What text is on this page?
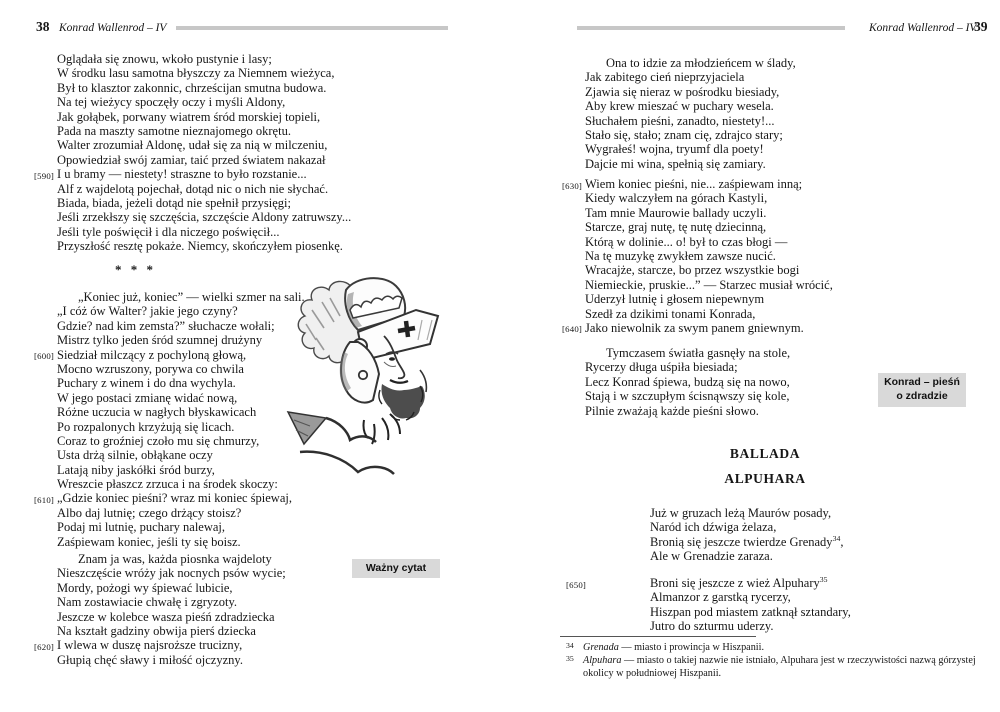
38 Konrad Wallenrod – IV	Konrad Wallenrod – IV
39
Oglądała się znowu, wkoło pustynie i lasy;
W środku lasu samotna błyszczy za Niemnem wieżyca,
Był to klasztor zakonnic, chrześcijan smutna budowa.
Na tej wieżycy spoczęły oczy i myśli Aldony,
Jak gołąbek, porwany wiatrem śród morskiej topieli,
Pada na maszty samotne nieznajomego okrętu.
Walter zrozumiał Aldonę, udał się za nią w milczeniu,
Opowiedział swój zamiar, taić przed światem nakazał
[590] I u bramy — niestety! straszne to było rozstanie...
Alf z wajdelotą pojechał, dotąd nic o nich nie słychać.
Biada, biada, jeżeli dotąd nie spełnił przysięgi;
Jeśli zrzekłszy się szczęścia, szczęście Aldony zatruwszy...
Jeśli tyle poświęcił i dla niczego poświęcił...
Przyszłość resztę pokaże. Niemcy, skończyłem piosenkę.
* * *
„Koniec już, koniec” — wielki szmer na sali.
„I cóż ów Walter? jakie jego czyny?
Gdzie? nad kim zemsta?” słuchacze wołali;
Mistrz tylko jeden śród szumnej drużyny
[600] Siedział milczący z pochyloną głową,
Mocno wzruszony, porywa co chwila
Puchary z winem i do dna wychyla.
W jego postaci zmianę widać nową,
Różne uczucia w nagłych błyskawicach
Po rozpalonych krzyżują się licach.
Coraz to groźniej czoło mu się chmurzy,
Usta drżą silnie, obłąkane oczy
Latają niby jaskółki śród burzy,
Wreszcie płaszcz zrzuca i na środek skoczy:
[610] „Gdzie koniec pieśni? wraz mi koniec śpiewaj,
Albo daj lutnię; czego drżący stoisz?
Podaj mi lutnię, puchary nalewaj,
Zaśpiewam koniec, jeśli ty się boisz.
Znam ja was, każda piosnka wajdeloty
Nieszczęście wróży jak nocnych psów wycie;
Mordy, pożogi wy śpiewać lubicie,
Nam zostawiacie chwałę i zgryzoty.
Jeszcze w kolebce wasza pieśń zdradziecka
Na kształt gadziny obwija pierś dziecka
[620] I wlewa w duszę najsroższe trucizny,
Głupią chęć sławy i miłość ojczyzny.
Ważny cytat
Ona to idzie za młodzieńcem w ślady,
Jak zabitego cień nieprzyjaciela
Zjawia się nieraz w pośrodku biesiady,
Aby krew mieszać w puchary wesela.
Słuchałem pieśni, zanadto, niestety!...
Stało się, stało; znam cię, zdrajco stary;
Wygrałeś! wojna, tryumf dla poety!
Dajcie mi wina, spełnią się zamiary.
[630] Wiem koniec pieśni, nie... zaśpiewam inną;
Kiedy walczyłem na górach Kastyli,
Tam mnie Maurowie ballady uczyli.
Starcze, graj nutę, tę nutę dziecinną,
Którą w dolinie... o! był to czas błogi —
Na tę muzykę zwykłem zawsze nucić.
Wracajże, starcze, bo przez wszystkie bogi
Niemieckie, pruskie...” — Starzec musiał wrócić,
Uderzył lutnię i głosem niepewnym
Szedł za dzikimi tonami Konrada,
[640] Jako niewolnik za swym panem gniewnym.
Tymczasem światła gasnęły na stole,
Rycerzy długa uśpiła biesiada;
Lecz Konrad śpiewa, budzą się na nowo,
Stają i w szczupłym ścisnąwszy się kole,
Pilnie zważają każde pieśni słowo.
BALLADA
ALPUHARA
Już w gruzach leżą Maurów posady,
Naród ich dźwiga żelaza,
Bronią się jeszcze twierdze Grenady$^{34}$,
Ale w Grenadzie zaraza.
[650]	Broni się jeszcze z wież Alpuhary$^{35}$
Almanzor z garstką rycerzy,
Hiszpan pod miastem zatknął sztandary,
Jutro do szturmu uderzy.
Konrad – pieśń
o zdradzie
34 Grenada — miasto i prowincja w Hiszpanii.
35 Alpuhara — miasto o takiej nazwie nie istniało, Alpuhara jest w rzeczywistości nazwą górzystej okolicy w południowej Hiszpanii.
